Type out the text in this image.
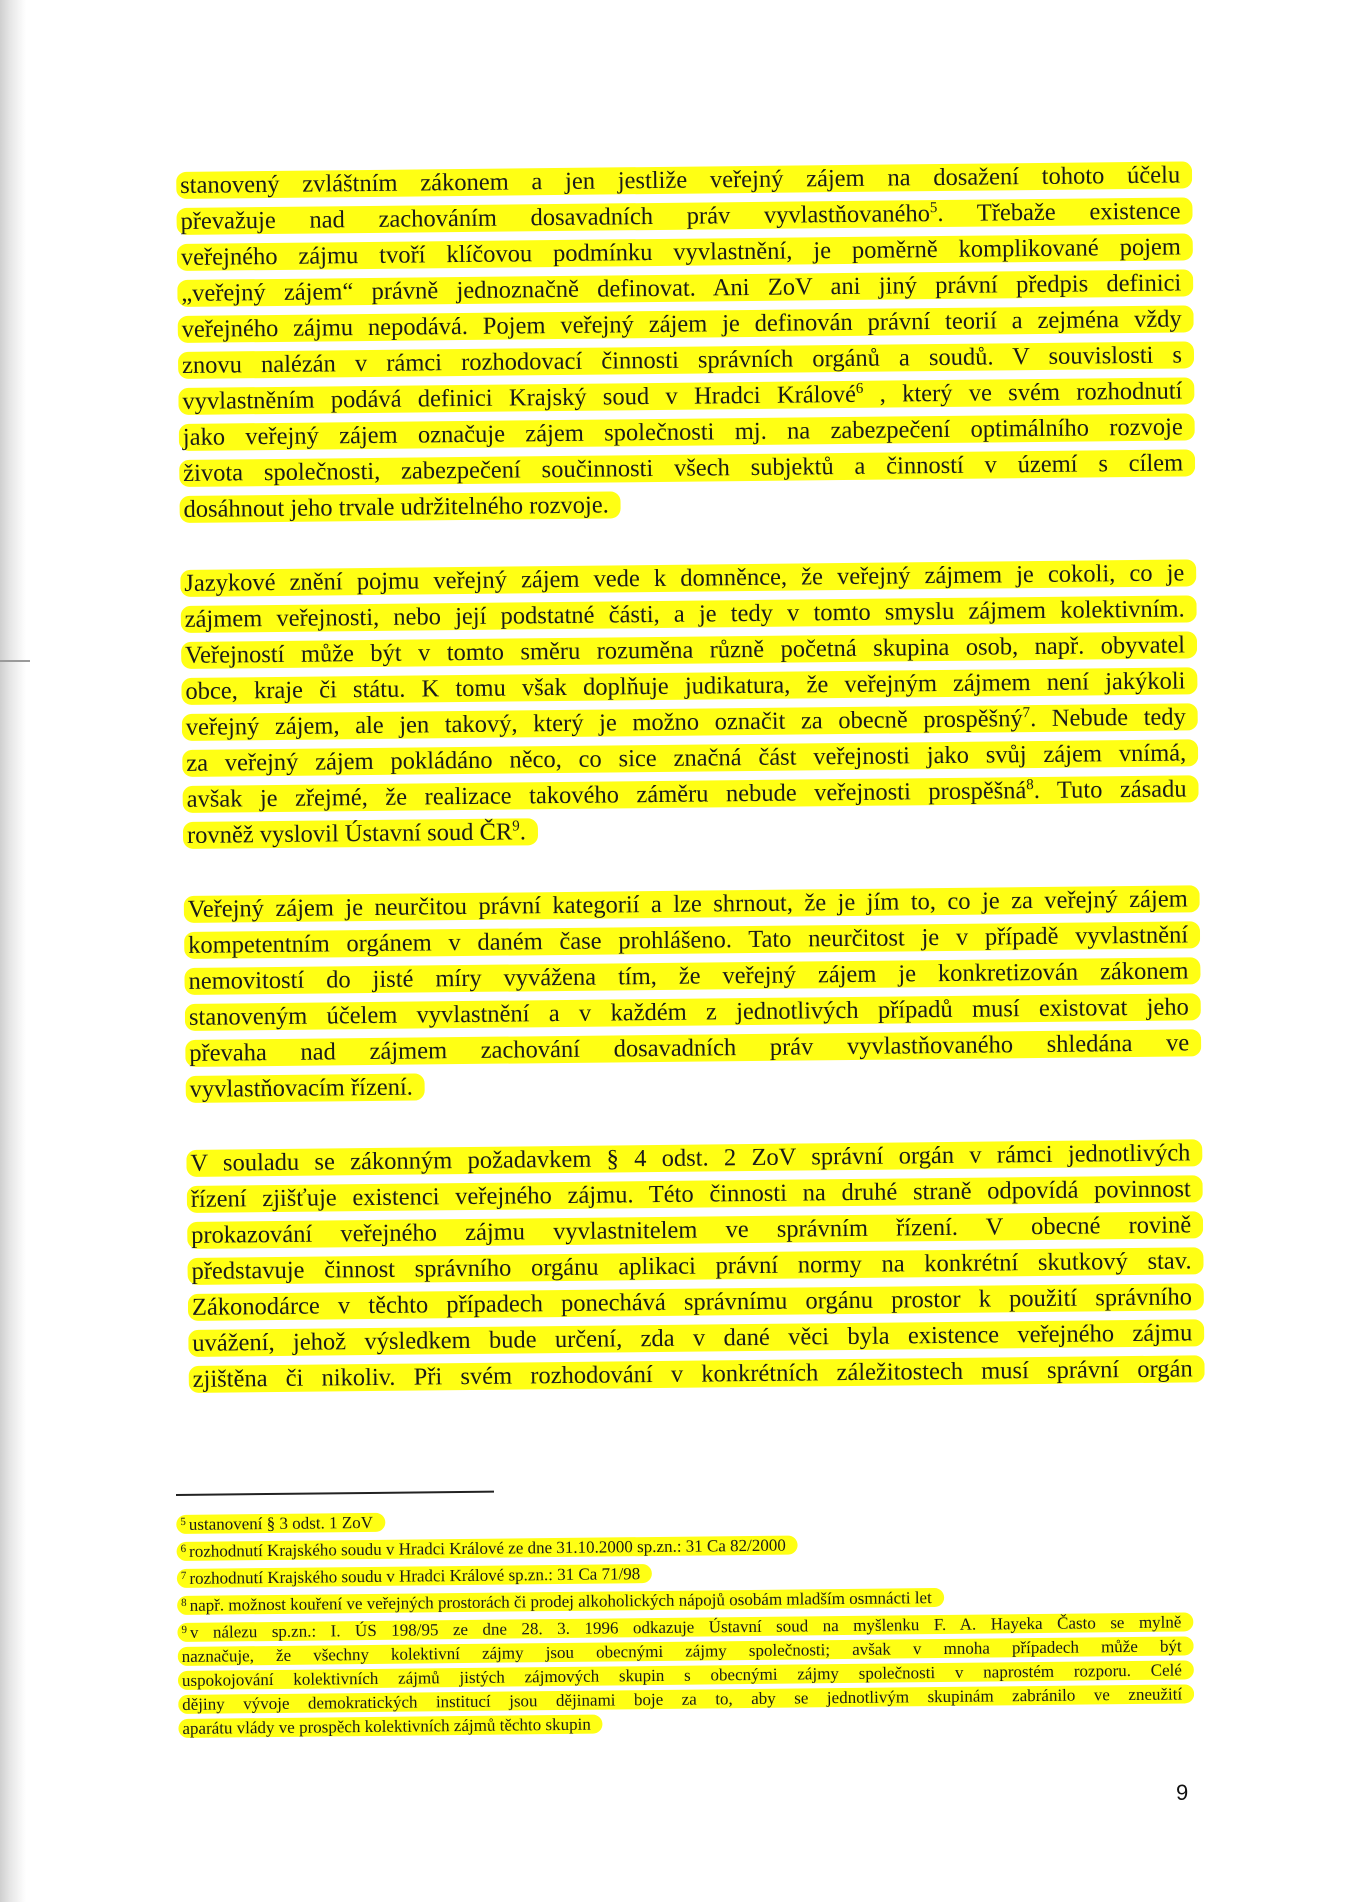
stanovený zvláštním zákonem a jen jestliže veřejný zájem na dosažení tohoto účelu
převažuje nad zachováním dosavadních práv vyvlastňovaného$^5$. Třebaže existence
veřejného zájmu tvoří klíčovou podmínku vyvlastnění, je poměrně komplikované pojem
„veřejný zájem“ právně jednoznačně definovat. Ani ZoV ani jiný právní předpis definici
veřejného zájmu nepodává. Pojem veřejný zájem je definován právní teorií a zejména vždy
znovu nalézán v rámci rozhodovací činnosti správních orgánů a soudů. V souvislosti s
vyvlastněním podává definici Krajský soud v Hradci Králové$^6$ , který ve svém rozhodnutí
jako veřejný zájem označuje zájem společnosti mj. na zabezpečení optimálního rozvoje
života společnosti, zabezpečení součinnosti všech subjektů a činností v území s cílem
dosáhnout jeho trvale udržitelného rozvoje.
Jazykové znění pojmu veřejný zájem vede k domněnce, že veřejný zájmem je cokoli, co je
zájmem veřejnosti, nebo její podstatné části, a je tedy v tomto smyslu zájmem kolektivním.
Veřejností může být v tomto směru rozuměna různě početná skupina osob, např. obyvatel
obce, kraje či státu. K tomu však doplňuje judikatura, že veřejným zájmem není jakýkoli
veřejný zájem, ale jen takový, který je možno označit za obecně prospěšný$^7$. Nebude tedy
za veřejný zájem pokládáno něco, co sice značná část veřejnosti jako svůj zájem vnímá,
avšak je zřejmé, že realizace takového záměru nebude veřejnosti prospěšná$^8$. Tuto zásadu
rovněž vyslovil Ústavní soud $ČR^9$.
Veřejný zájem je neurčitou právní kategorií a lze shrnout, že je jím to, co je za veřejný zájem
kompetentním orgánem v daném čase prohlášeno. Tato neurčitost je v případě vyvlastnění
nemovitostí do jisté míry vyvážena tím, že veřejný zájem je konkretizován zákonem
stanoveným účelem vyvlastnění a v každém z jednotlivých případů musí existovat jeho
převaha nad zájmem zachování dosavadních práv vyvlastňovaného shledána ve
vyvlastňovacím řízení.
V souladu se zákonným požadavkem § 4 odst. 2 ZoV správní orgán v rámci jednotlivých
řízení zjišťuje existenci veřejného zájmu. Této činnosti na druhé straně odpovídá povinnost
prokazování veřejného zájmu vyvlastnitelem ve správním řízení. V obecné rovině
představuje činnost správního orgánu aplikaci právní normy na konkrétní skutkový stav.
Zákonodárce v těchto případech ponechává správnímu orgánu prostor k použití správního
uvážení, jehož výsledkem bude určení, zda v dané věci byla existence veřejného zájmu
zjištěna či nikoliv. Při svém rozhodování v konkrétních záležitostech musí správní orgán
$^5$ ustanovení § 3 odst. 1 ZoV
$^6$ rozhodnutí Krajského soudu v Hradci Králové ze dne 31.10.2000 sp.zn.: 31 Ca 82/2000
$^7$ rozhodnutí Krajského soudu v Hradci Králové sp.zn.: 31 Ca 71/98
$^8$ např. možnost kouření ve veřejných prostorách či prodej alkoholických nápojů osobám mladším osmnácti let
$^9$ v nálezu sp.zn.: I. ÚS 198/95 ze dne 28. 3. 1996 odkazuje Ústavní soud na myšlenku F. A. Hayeka Často se mylně
naznačuje, že všechny kolektivní zájmy jsou obecnými zájmy společnosti; avšak v mnoha případech může být
uspokojování kolektivních zájmů jistých zájmových skupin s obecnými zájmy společnosti v naprostém rozporu. Celé
dějiny vývoje demokratických institucí jsou dějinami boje za to, aby se jednotlivým skupinám zabránilo ve zneužití
aparátu vlády ve prospěch kolektivních zájmů těchto skupin
9
